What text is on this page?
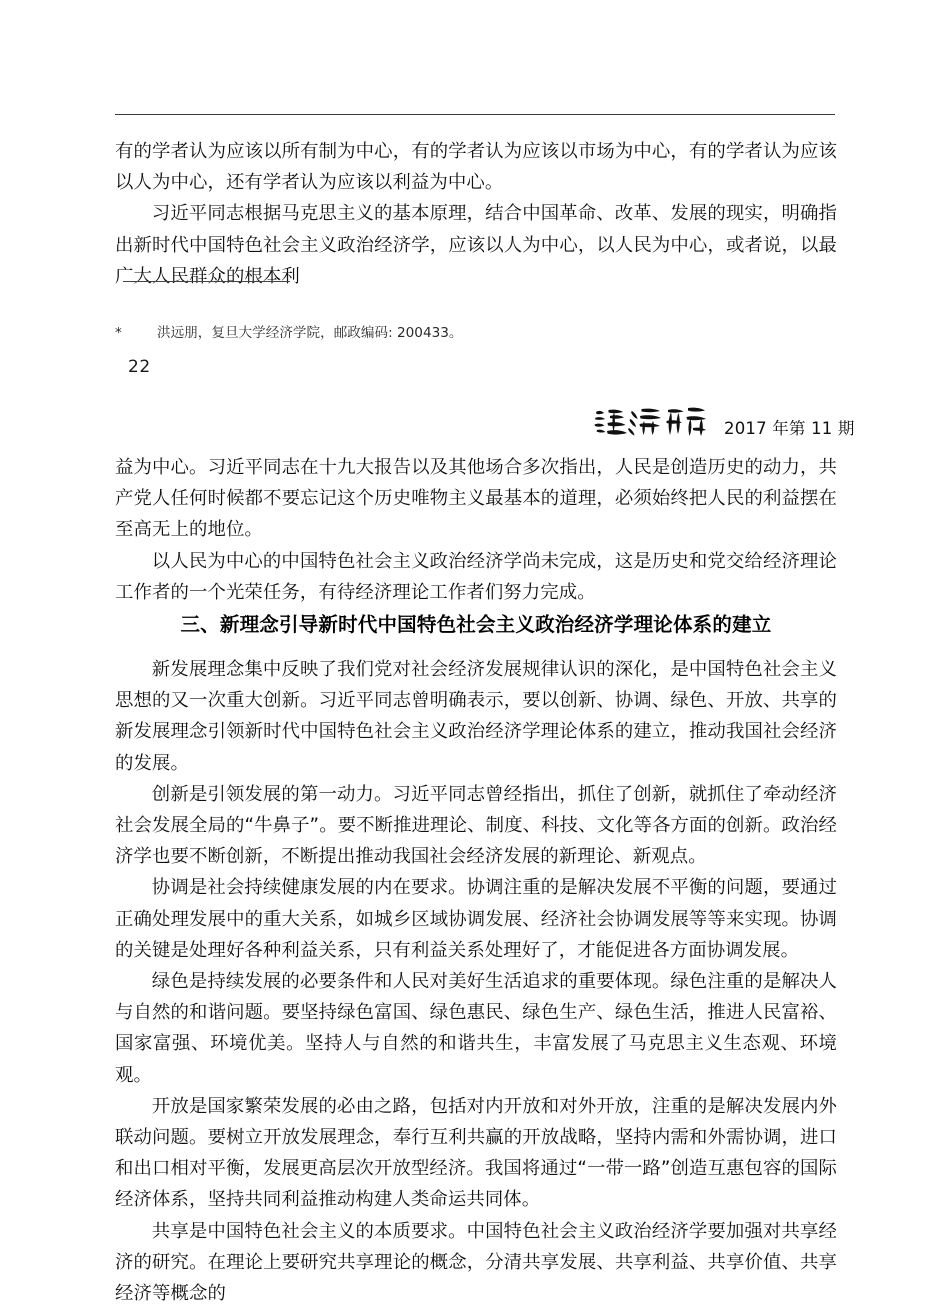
有的学者认为应该以所有制为中心，有的学者认为应该以市场为中心，有的学者认为应该以人为中心，还有学者认为应该以利益为中心。

习近平同志根据马克思主义的基本原理，结合中国革命、改革、发展的现实，明确指出新时代中国特色社会主义政治经济学，应该以人为中心，以人民为中心，或者说，以最广大人民群众的根本利

*	洪远朋，复旦大学经济学院，邮政编码: 200433。
22
2017 年第 11 期

益为中心。习近平同志在十九大报告以及其他场合多次指出，人民是创造历史的动力，共产党人任何时候都不要忘记这个历史唯物主义最基本的道理，必须始终把人民的利益摆在至高无上的地位。

以人民为中心的中国特色社会主义政治经济学尚未完成，这是历史和党交给经济理论工作者的一个光荣任务，有待经济理论工作者们努力完成。

三、新理念引导新时代中国特色社会主义政治经济学理论体系的建立

新发展理念集中反映了我们党对社会经济发展规律认识的深化，是中国特色社会主义思想的又一次重大创新。习近平同志曾明确表示，要以创新、协调、绿色、开放、共享的新发展理念引领新时代中国特色社会主义政治经济学理论体系的建立，推动我国社会经济的发展。

创新是引领发展的第一动力。习近平同志曾经指出，抓住了创新，就抓住了牵动经济社会发展全局的“牛鼻子”。要不断推进理论、制度、科技、文化等各方面的创新。政治经济学也要不断创新，不断提出推动我国社会经济发展的新理论、新观点。

协调是社会持续健康发展的内在要求。协调注重的是解决发展不平衡的问题，要通过正确处理发展中的重大关系，如城乡区域协调发展、经济社会协调发展等等来实现。协调的关键是处理好各种利益关系，只有利益关系处理好了，才能促进各方面协调发展。

绿色是持续发展的必要条件和人民对美好生活追求的重要体现。绿色注重的是解决人与自然的和谐问题。要坚持绿色富国、绿色惠民、绿色生产、绿色生活，推进人民富裕、国家富强、环境优美。坚持人与自然的和谐共生，丰富发展了马克思主义生态观、环境观。

开放是国家繁荣发展的必由之路，包括对内开放和对外开放，注重的是解决发展内外联动问题。要树立开放发展理念，奉行互利共赢的开放战略，坚持内需和外需协调，进口和出口相对平衡，发展更高层次开放型经济。我国将通过“一带一路”创造互惠包容的国际经济体系，坚持共同利益推动构建人类命运共同体。

共享是中国特色社会主义的本质要求。中国特色社会主义政治经济学要加强对共享经济的研究。在理论上要研究共享理论的概念，分清共享发展、共享利益、共享价值、共享经济等概念的
